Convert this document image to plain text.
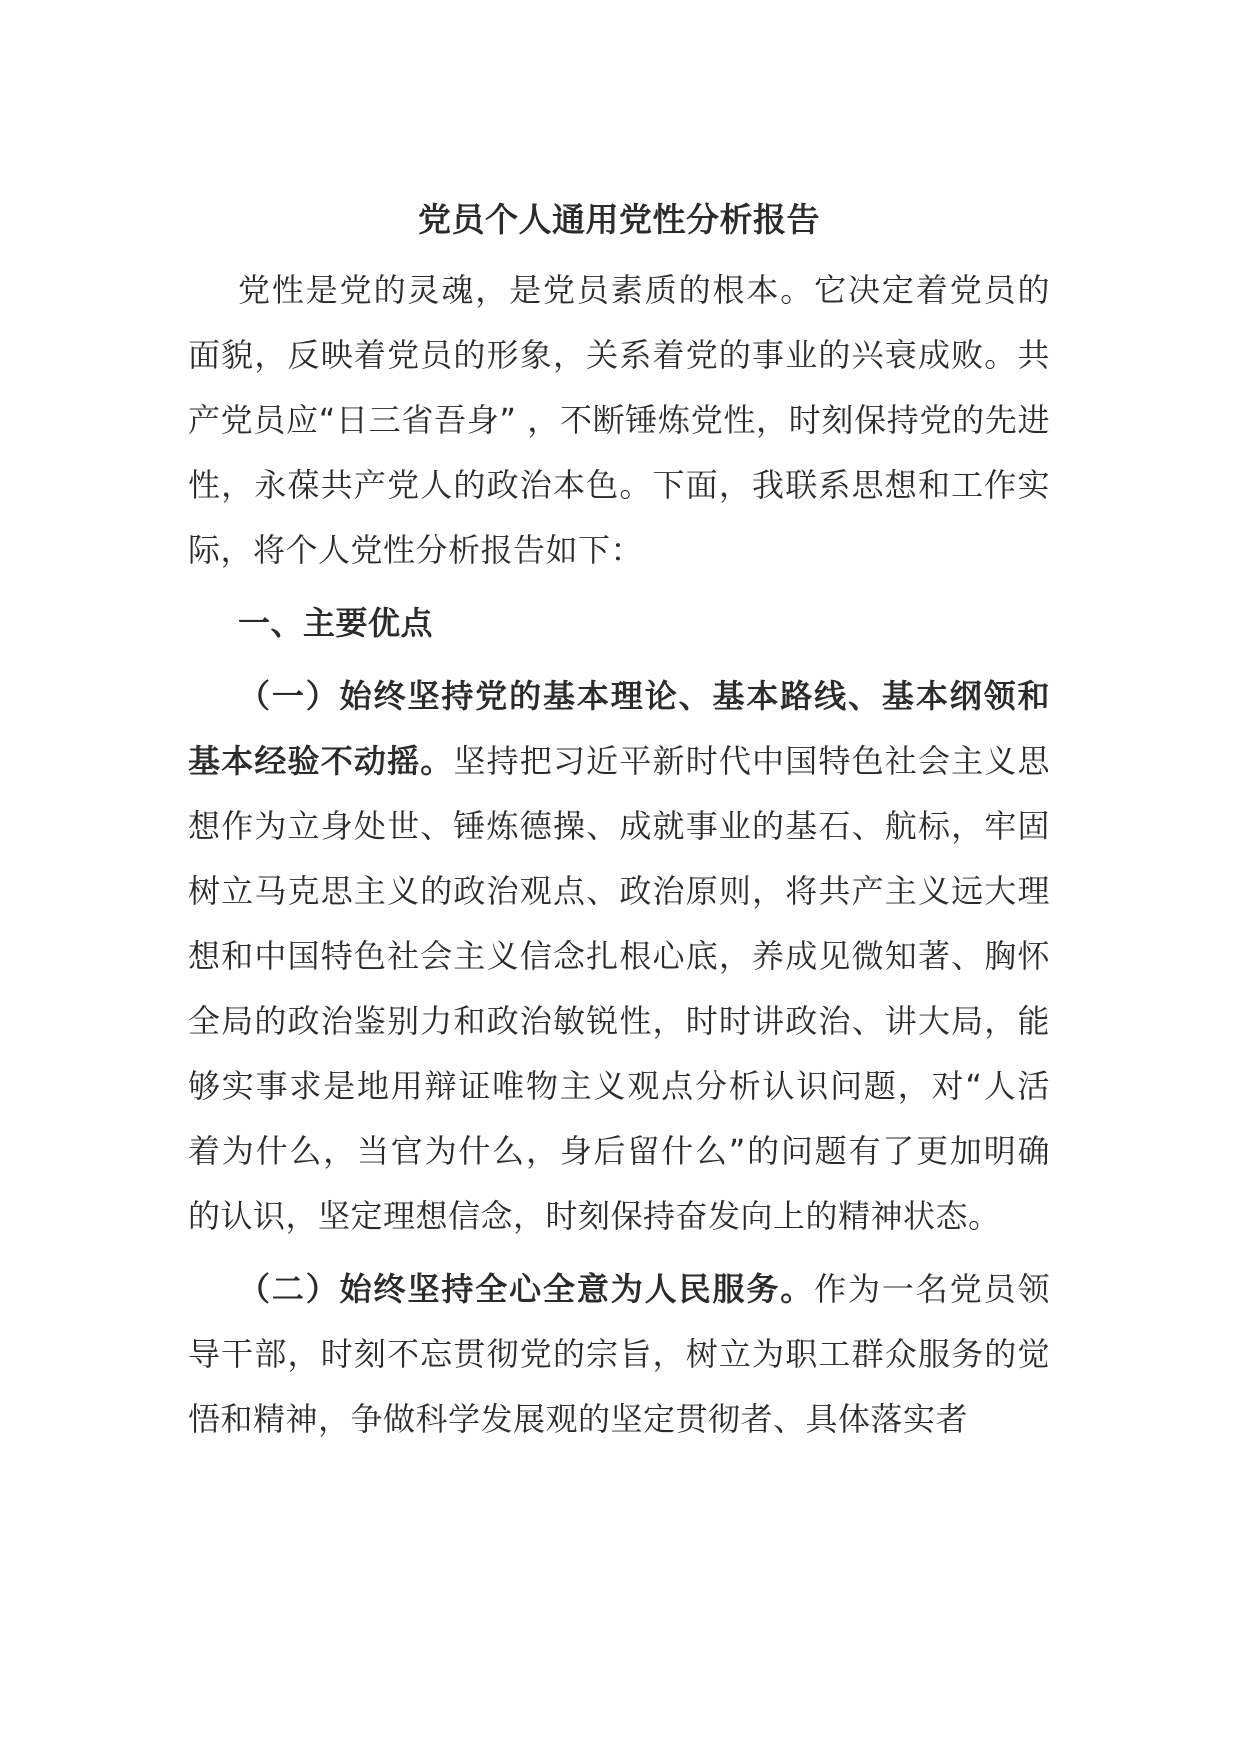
党员个人通用党性分析报告

党性是党的灵魂，是党员素质的根本。它决定着党员的面貌，反映着党员的形象，关系着党的事业的兴衰成败。共产党员应“日三省吾身” ，不断锤炼党性，时刻保持党的先进性，永葆共产党人的政治本色。下面，我联系思想和工作实际，将个人党性分析报告如下：

一、主要优点

（一）始终坚持党的基本理论、基本路线、基本纲领和基本经验不动摇。坚持把习近平新时代中国特色社会主义思想作为立身处世、锤炼德操、成就事业的基石、航标，牢固树立马克思主义的政治观点、政治原则，将共产主义远大理想和中国特色社会主义信念扎根心底，养成见微知著、胸怀全局的政治鉴别力和政治敏锐性，时时讲政治、讲大局，能够实事求是地用辩证唯物主义观点分析认识问题，对“人活着为什么，当官为什么，身后留什么”的问题有了更加明确的认识，坚定理想信念，时刻保持奋发向上的精神状态。

（二）始终坚持全心全意为人民服务。作为一名党员领导干部，时刻不忘贯彻党的宗旨，树立为职工群众服务的觉悟和精神，争做科学发展观的坚定贯彻者、具体落实者
